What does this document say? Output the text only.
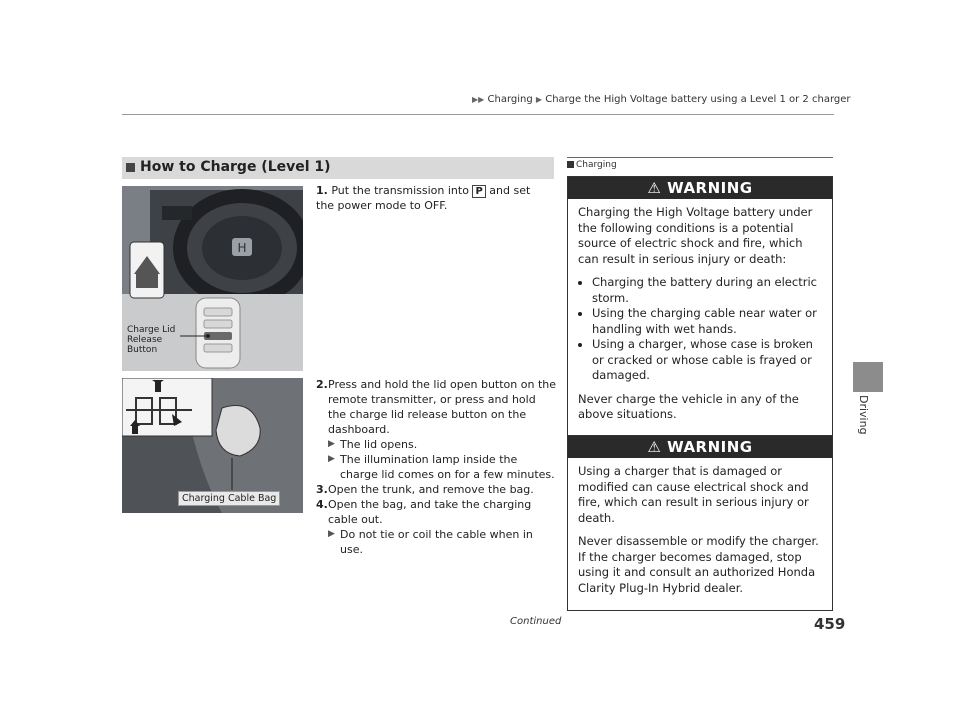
▶▶ Charging ▶ Charge the High Voltage battery using a Level 1 or 2 charger
Driving
How to Charge (Level 1)
H
Charge Lid
Release
Button
Charging Cable Bag
1. Put the transmission into P and set the power mode to OFF.
2. Press and hold the lid open button on the remote transmitter, or press and hold the charge lid release button on the dashboard.
▶ The lid opens.
▶ The illumination lamp inside the charge lid comes on for a few minutes.
3. Open the trunk, and remove the bag.
4. Open the bag, and take the charging cable out.
▶ Do not tie or coil the cable when in use.
Charging
⚠ WARNING

Charging the High Voltage battery under the following conditions is a potential source of electric shock and fire, which can result in serious injury or death:

• Charging the battery during an electric storm.
• Using the charging cable near water or handling with wet hands.
• Using a charger, whose case is broken or cracked or whose cable is frayed or damaged.

Never charge the vehicle in any of the above situations.

⚠ WARNING

Using a charger that is damaged or modified can cause electrical shock and fire, which can result in serious injury or death.

Never disassemble or modify the charger. If the charger becomes damaged, stop using it and consult an authorized Honda Clarity Plug-In Hybrid dealer.

Continued	459
